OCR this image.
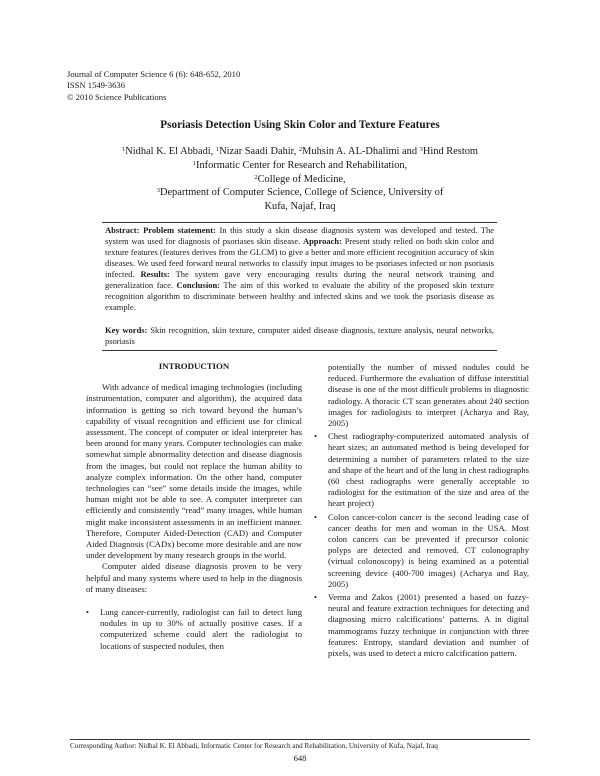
Journal of Computer Science 6 (6): 648-652, 2010
ISSN 1549-3636
© 2010 Science Publications
Psoriasis Detection Using Skin Color and Texture Features
$^1$Nidhal K. El Abbadi, $^1$Nizar Saadi Dahir, $^2$Muhsin A. AL-Dhalimi and $^3$Hind Restom
$^1$Informatic Center for Research and Rehabilitation,
$^2$College of Medicine,
$^3$Department of Computer Science, College of Science, University of
Kufa, Najaf, Iraq
Abstract: Problem statement: In this study a skin disease diagnosis system was developed and tested. The system was used for diagnosis of psoriases skin disease. Approach: Present study relied on both skin color and texture features (features derives from the GLCM) to give a better and more efficient recognition accuracy of skin diseases. We used feed forward neural networks to classify input images to be psoriases infected or non psoriasis infected. Results: The system gave very encouraging results during the neural network training and generalization face. Conclusion: The aim of this worked to evaluate the ability of the proposed skin texture recognition algorithm to discriminate between healthy and infected skins and we took the psoriasis disease as example.
Key words: Skin recognition, skin texture, computer aided disease diagnosis, texture analysis, neural networks, psoriasis
INTRODUCTION

With advance of medical imaging technologies (including instrumentation, computer and algorithm), the acquired data information is getting so rich toward beyond the human’s capability of visual recognition and efficient use for clinical assessment. The concept of computer or ideal interpreter has been around for many years. Computer technologies can make somewhat simple abnormality detection and disease diagnosis from the images, but could not replace the human ability to analyze complex information. On the other hand, computer technologies can “see” some details inside the images, while human might not be able to see. A computer interpreter can efficiently and consistently “read” many images, while human might make inconsistent assessments in an inefficient manner. Therefore, Computer Aided-Detection (CAD) and Computer Aided Diagnosis (CADx) become more desirable and are now under development by many research groups in the world.

Computer aided disease diagnosis proven to be very helpful and many systems where used to help in the diagnosis of many diseases:

• Lung cancer-currently, radiologist can fail to detect lung nodules in up to 30% of actually positive cases. If a computerized scheme could alert the radiologist to locations of suspected nodules, then
potentially the number of missed nodules could be reduced. Furthermore the evaluation of diffuse interstitial disease is one of the most difficult problems in diagnostic radiology. A thoracic CT scan generates about 240 section images for radiologists to interpret (Acharya and Ray, 2005)
• Chest radiography-computerized automated analysis of heart sizes; an automated method is being developed for determining a number of parameters related to the size and shape of the heart and of the lung in chest radiographs (60 chest radiographs were generally acceptable to radiologist for the estimation of the size and area of the heart project)
• Colon cancer-colon cancer is the second leading case of cancer deaths for men and woman in the USA. Most colon cancers can be prevented if precursor colonic polyps are detected and removed. CT colonography (virtual colonoscopy) is being examined as a potential screening device (400-700 images) (Acharya and Ray, 2005)
• Verma and Zakos (2001) presented a based on fuzzy-neural and feature extraction techniques for detecting and diagnosing micro calcifications’ patterns. A in digital mammograms fuzzy technique in conjunction with three features: Entropy, standard deviation and number of pixels, was used to detect a micro calcification pattern.
Corresponding Author: Nidhal K. El Abbadi, Informatic Center for Research and Rehabilitation, University of Kufa, Najaf, Iraq
648
